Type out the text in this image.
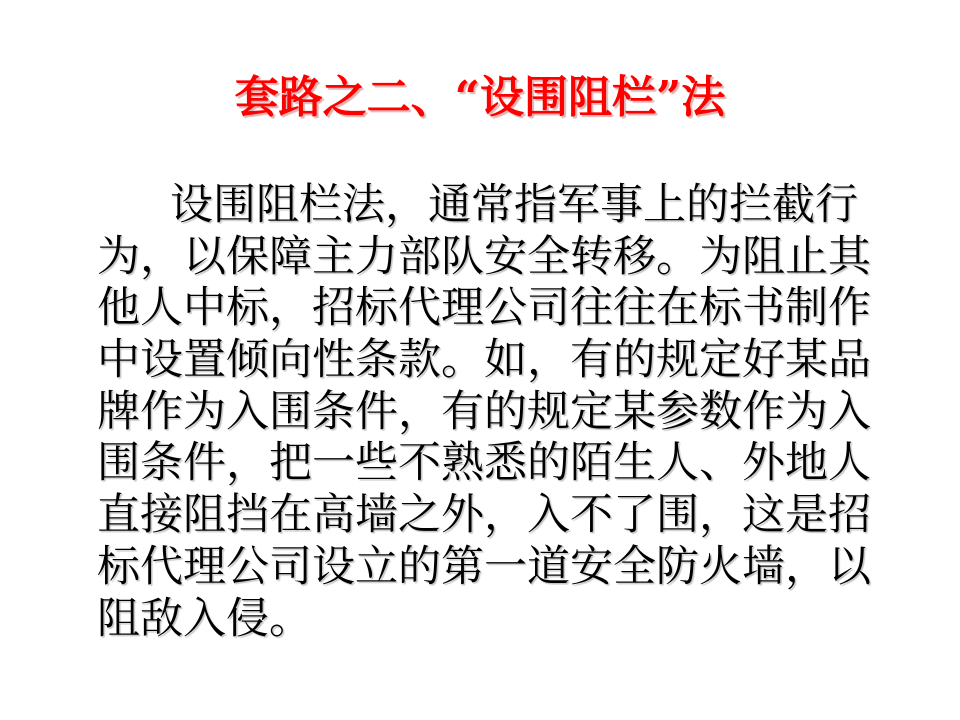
套路之二、“设围阻栏”法
设围阻栏法，通常指军事上的拦截行
为，以保障主力部队安全转移。为阻止其
他人中标，招标代理公司往往在标书制作
中设置倾向性条款。如，有的规定好某品
牌作为入围条件，有的规定某参数作为入
围条件，把一些不熟悉的陌生人、外地人
直接阻挡在高墙之外，入不了围，这是招
标代理公司设立的第一道安全防火墙，以
阻敌入侵。
